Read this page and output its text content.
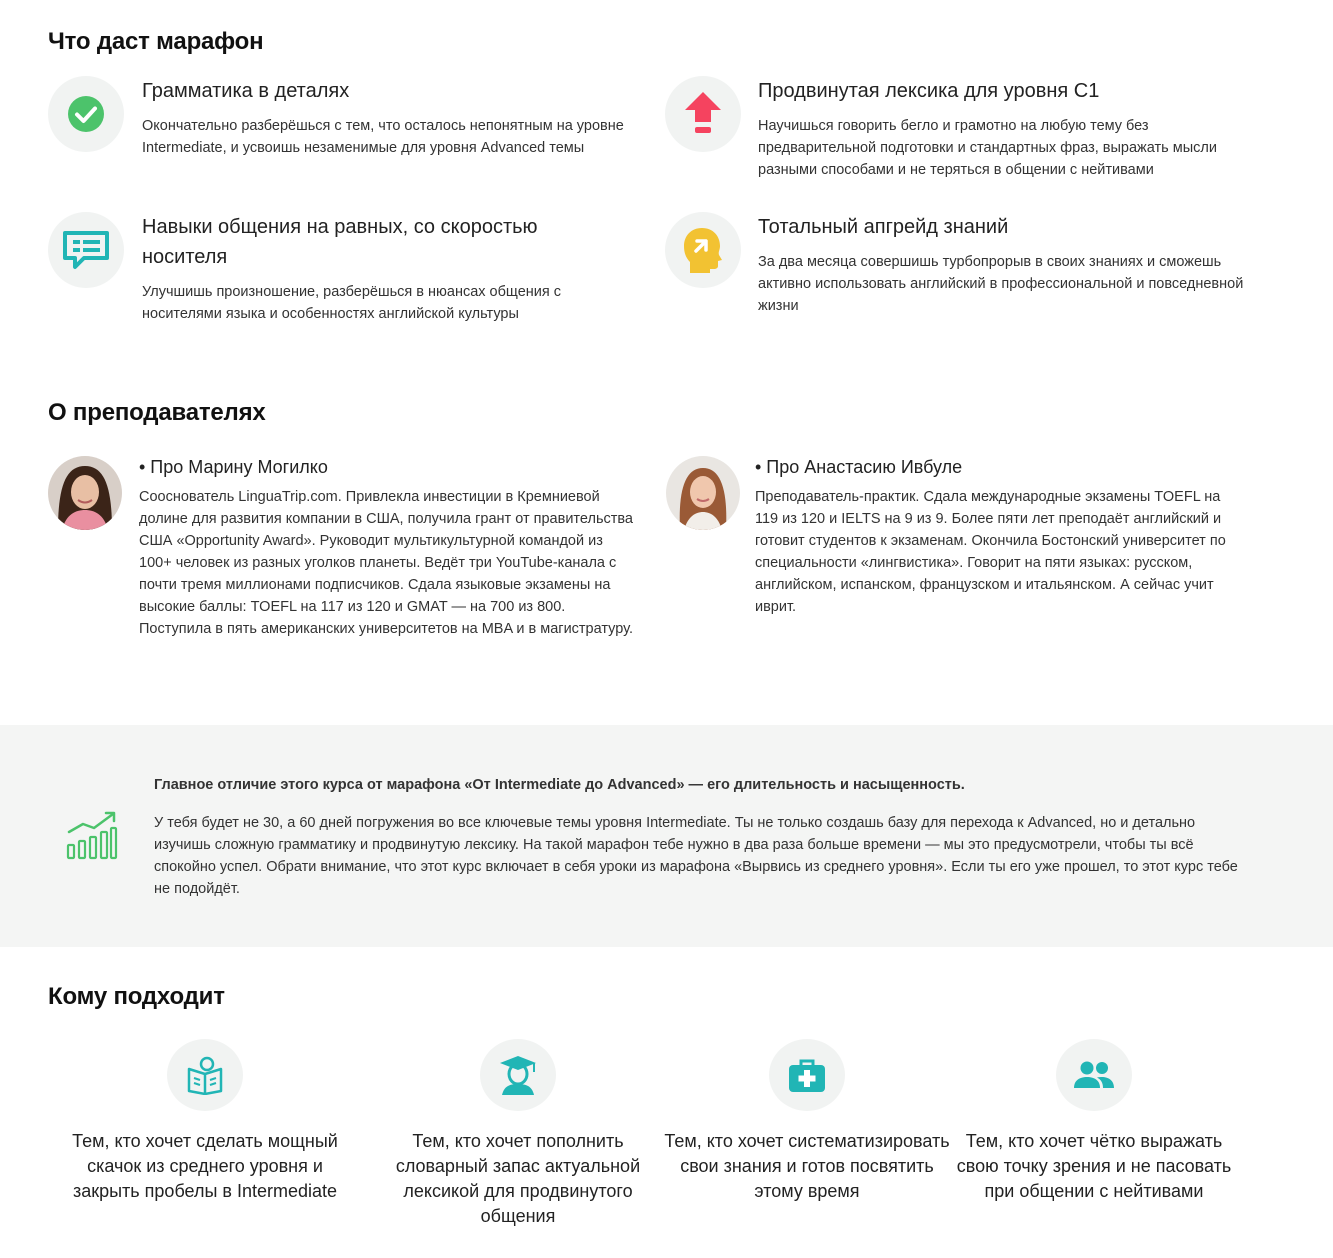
Что даст марафон
Грамматика в деталях
Окончательно разберёшься с тем, что осталось непонятным на уровне Intermediate, и усвоишь незаменимые для уровня Advanced темы
Продвинутая лексика для уровня C1
Научишься говорить бегло и грамотно на любую тему без предварительной подготовки и стандартных фраз, выражать мысли разными способами и не теряться в общении с нейтивами
Навыки общения на равных, со скоростью носителя
Улучшишь произношение, разберёшься в нюансах общения с носителями языка и особенностях английской культуры
Тотальный апгрейд знаний
За два месяца совершишь турбопрорыв в своих знаниях и сможешь активно использовать английский в профессиональной и повседневной жизни
О преподавателях
• Про Марину Могилко
Сооснователь LinguaTrip.com. Привлекла инвестиции в Кремниевой долине для развития компании в США, получила грант от правительства США «Opportunity Award». Руководит мультикультурной командой из 100+ человек из разных уголков планеты. Ведёт три YouTube-канала с почти тремя миллионами подписчиков. Сдала языковые экзамены на высокие баллы: TOEFL на 117 из 120 и GMAT — на 700 из 800. Поступила в пять американских университетов на MBA и в магистратуру.
• Про Анастасию Ивбуле
Преподаватель-практик. Сдала международные экзамены TOEFL на 119 из 120 и IELTS на 9 из 9. Более пяти лет преподаёт английский и готовит студентов к экзаменам. Окончила Бостонский университет по специальности «лингвистика». Говорит на пяти языках: русском, английском, испанском, французском и итальянском. А сейчас учит иврит.
Главное отличие этого курса от марафона «От Intermediate до Advanced» — его длительность и насыщенность.
У тебя будет не 30, а 60 дней погружения во все ключевые темы уровня Intermediate. Ты не только создашь базу для перехода к Advanced, но и детально изучишь сложную грамматику и продвинутую лексику. На такой марафон тебе нужно в два раза больше времени — мы это предусмотрели, чтобы ты всё спокойно успел. Обрати внимание, что этот курс включает в себя уроки из марафона «Вырвись из среднего уровня». Если ты его уже прошел, то этот курс тебе не подойдёт.
Кому подходит
Тем, кто хочет сделать мощный скачок из среднего уровня и закрыть пробелы в Intermediate
Тем, кто хочет пополнить словарный запас актуальной лексикой для продвинутого общения
Тем, кто хочет систематизировать свои знания и готов посвятить этому время
Тем, кто хочет чётко выражать свою точку зрения и не пасовать при общении с нейтивами
